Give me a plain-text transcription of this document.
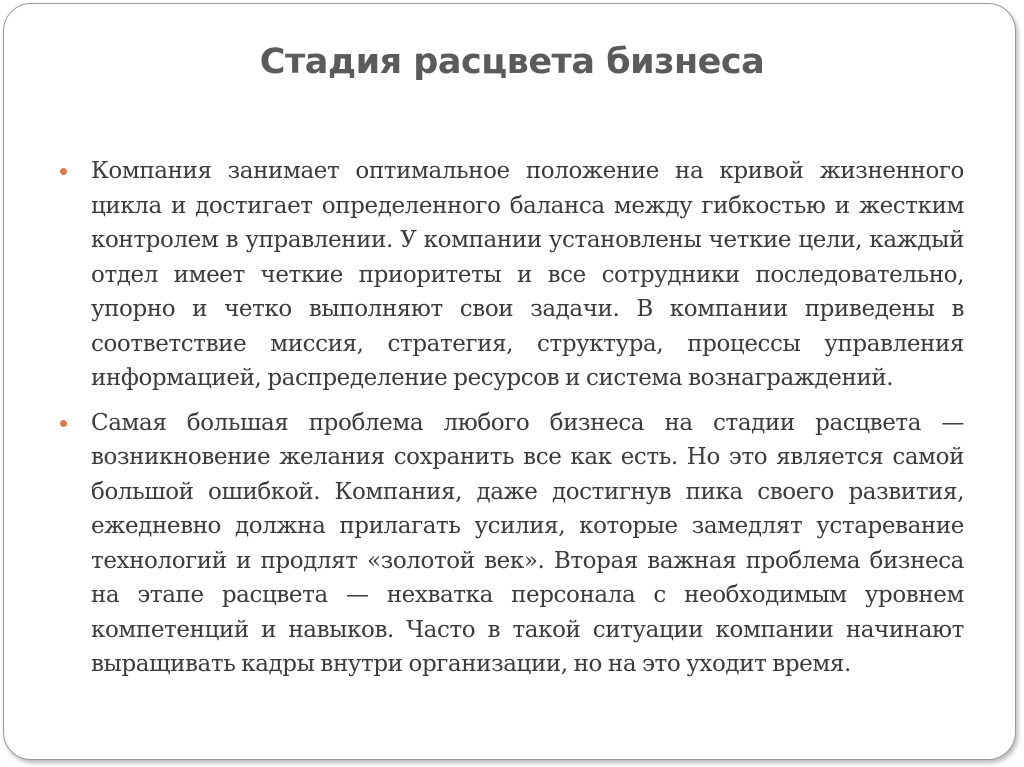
Стадия расцвета бизнеса
Компания занимает оптимальное положение на кривой жизненного цикла и достигает определенного баланса между гибкостью и жестким контролем в управлении. У компании установлены четкие цели, каждый отдел имеет четкие приоритеты и все сотрудники последовательно, упорно и четко выполняют свои задачи. В компании приведены в соответствие миссия, стратегия, структура, процессы управления информацией, распределение ресурсов и система вознаграждений.
Самая большая проблема любого бизнеса на стадии расцвета — возникновение желания сохранить все как есть. Но это является самой большой ошибкой. Компания, даже достигнув пика своего развития, ежедневно должна прилагать усилия, которые замедлят устаревание технологий и продлят «золотой век». Вторая важная проблема бизнеса на этапе расцвета — нехватка персонала с необходимым уровнем компетенций и навыков. Часто в такой ситуации компании начинают выращивать кадры внутри организации, но на это уходит время.
